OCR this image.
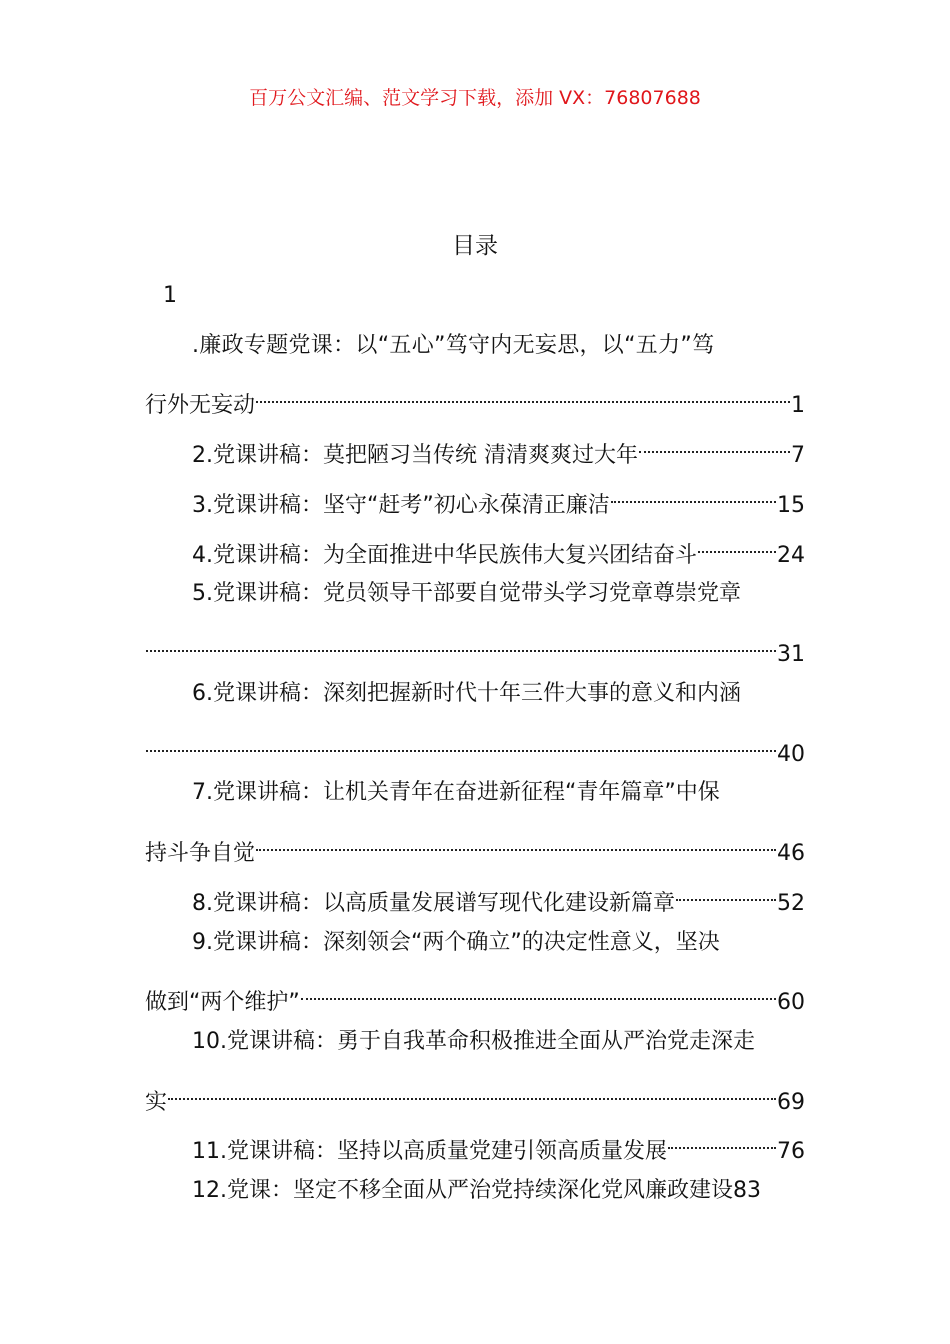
百万公文汇编、范文学习下载，添加 VX：76807688
目录
1
.廉政专题党课：以“五心”笃守内无妄思，以“五力”笃
行外无妄动	1
2.党课讲稿：莫把陋习当传统 清清爽爽过大年	7
3.党课讲稿：坚守“赶考”初心永葆清正廉洁	15
4.党课讲稿：为全面推进中华民族伟大复兴团结奋斗	24
5.党课讲稿：党员领导干部要自觉带头学习党章尊崇党章
31
6.党课讲稿：深刻把握新时代十年三件大事的意义和内涵
40
7.党课讲稿：让机关青年在奋进新征程“青年篇章”中保
持斗争自觉	46
8.党课讲稿：以高质量发展谱写现代化建设新篇章	52
9.党课讲稿：深刻领会“两个确立”的决定性意义，坚决
做到“两个维护”	60
10.党课讲稿：勇于自我革命积极推进全面从严治党走深走
实	69
11.党课讲稿：坚持以高质量党建引领高质量发展	76
12.党课：坚定不移全面从严治党持续深化党风廉政建设 83
